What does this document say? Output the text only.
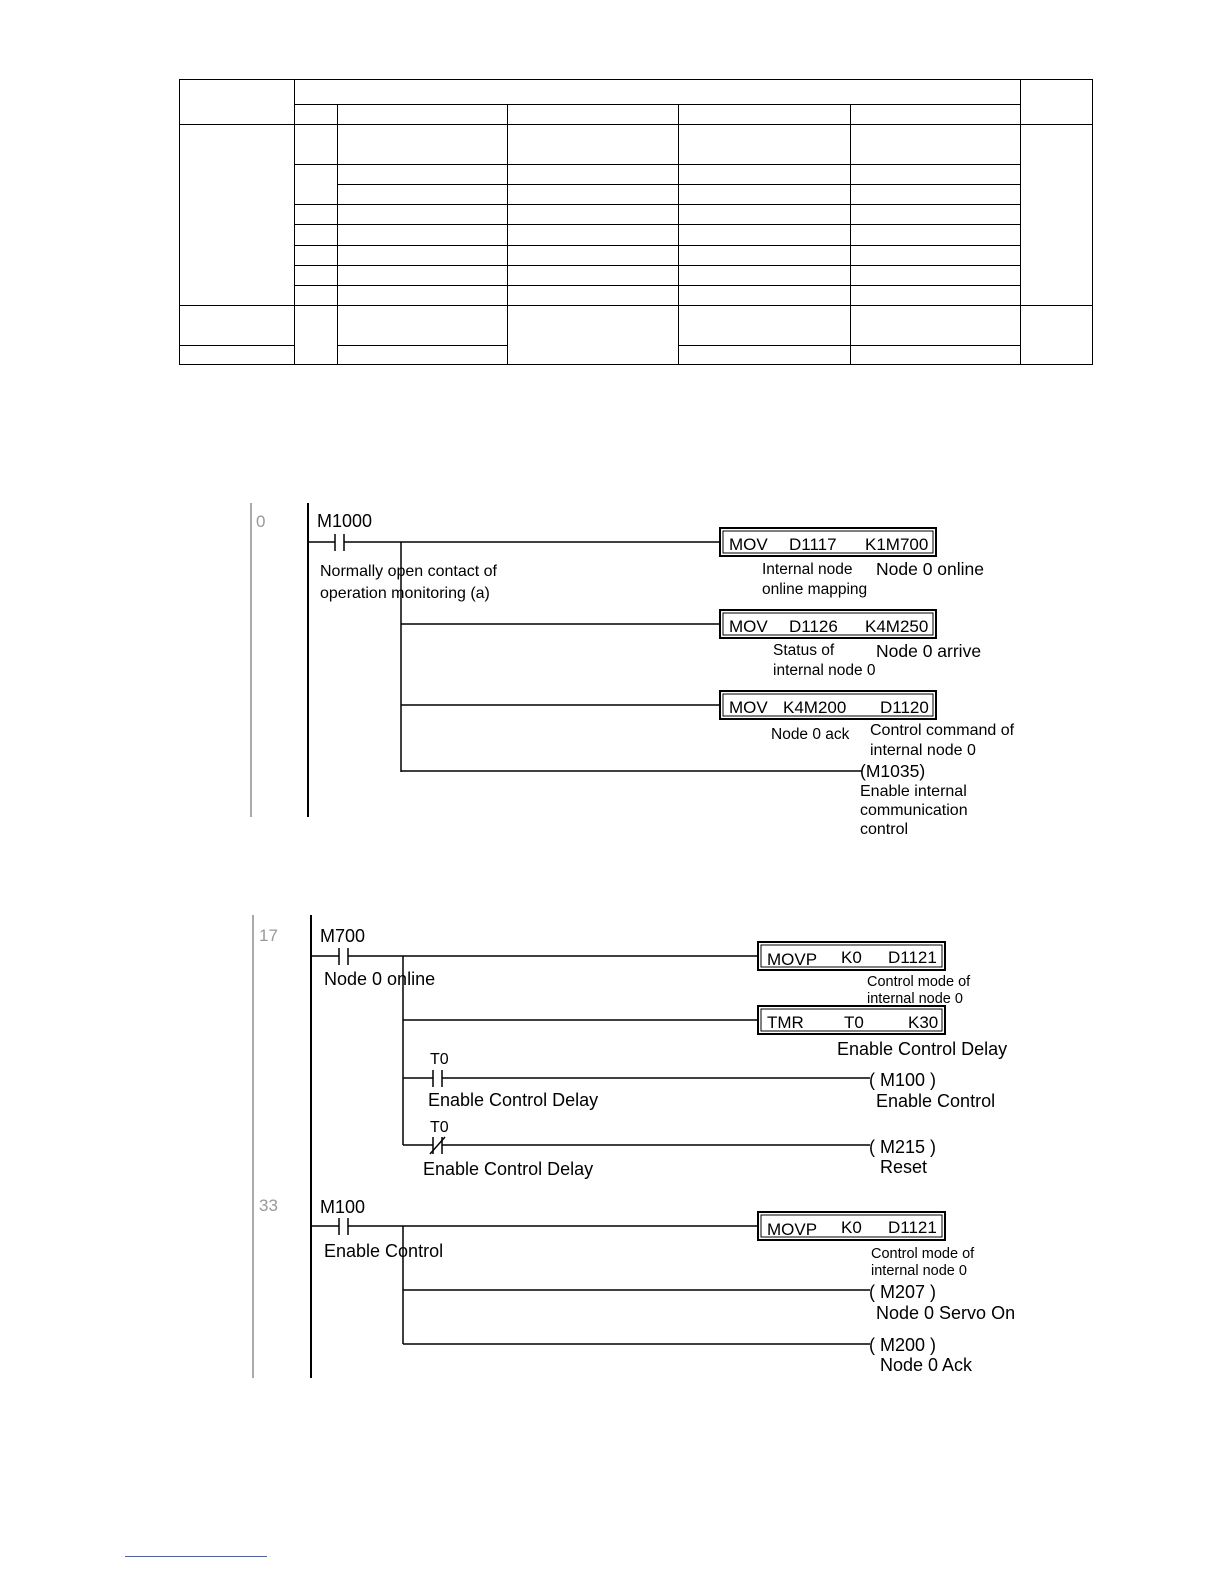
0	M1000
Normally open contact of
operation monitoring (a)
MOV D1117 K1M700
Internal node
online mapping
Node 0 online
MOV D1126 K4M250
Status of
internal node 0
Node 0 arrive
MOV K4M200 D1120
Node 0 ack Control command of
internal node 0
(M1035)
Enable internal
communication
control
17 M700
Node 0 online
MOVP K0 D1121
Control mode of
internal node 0
TMR T0	K30
Enable Control Delay
T0
Enable Control Delay
( M100 )
Enable Control
T0
Enable Control Delay
( M215 )
Reset
33 M100
Enable Control
MOVP K0 D1121
Control mode of
internal node 0
( M207 )
Node 0 Servo On
( M200 )
Node 0 Ack
